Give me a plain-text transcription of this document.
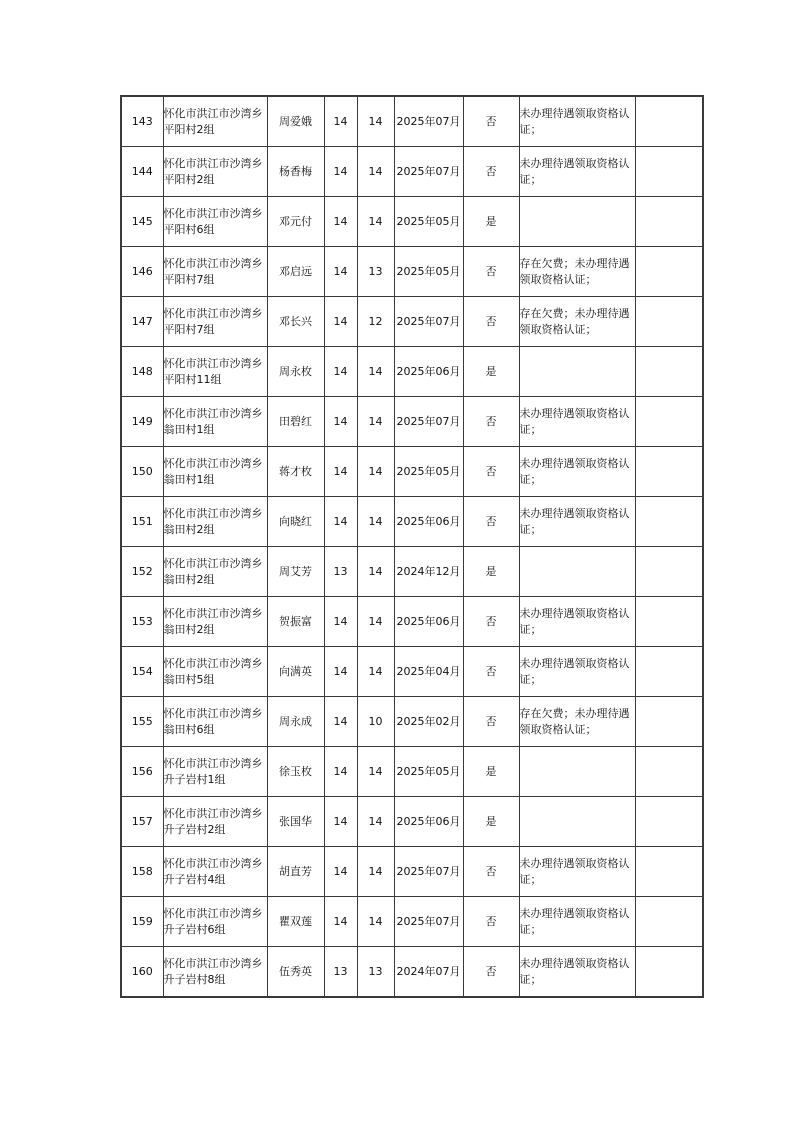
143	怀化市洪江市沙湾乡平阳村2组	周爱娥	14	14	2025年07月	否	未办理待遇领取资格认证；	
144	怀化市洪江市沙湾乡平阳村2组	杨香梅	14	14	2025年07月	否	未办理待遇领取资格认证；	
145	怀化市洪江市沙湾乡平阳村6组	邓元付	14	14	2025年05月	是		
146	怀化市洪江市沙湾乡平阳村7组	邓启远	14	13	2025年05月	否	存在欠费；未办理待遇领取资格认证；	
147	怀化市洪江市沙湾乡平阳村7组	邓长兴	14	12	2025年07月	否	存在欠费；未办理待遇领取资格认证；	
148	怀化市洪江市沙湾乡平阳村11组	周永枚	14	14	2025年06月	是		
149	怀化市洪江市沙湾乡翁田村1组	田碧红	14	14	2025年07月	否	未办理待遇领取资格认证；	
150	怀化市洪江市沙湾乡翁田村1组	蒋才枚	14	14	2025年05月	否	未办理待遇领取资格认证；	
151	怀化市洪江市沙湾乡翁田村2组	向晓红	14	14	2025年06月	否	未办理待遇领取资格认证；	
152	怀化市洪江市沙湾乡翁田村2组	周艾芳	13	14	2024年12月	是		
153	怀化市洪江市沙湾乡翁田村2组	贺振富	14	14	2025年06月	否	未办理待遇领取资格认证；	
154	怀化市洪江市沙湾乡翁田村5组	向满英	14	14	2025年04月	否	未办理待遇领取资格认证；	
155	怀化市洪江市沙湾乡翁田村6组	周永成	14	10	2025年02月	否	存在欠费；未办理待遇领取资格认证；	
156	怀化市洪江市沙湾乡升子岩村1组	徐玉枚	14	14	2025年05月	是		
157	怀化市洪江市沙湾乡升子岩村2组	张国华	14	14	2025年06月	是		
158	怀化市洪江市沙湾乡升子岩村4组	胡直芳	14	14	2025年07月	否	未办理待遇领取资格认证；	
159	怀化市洪江市沙湾乡升子岩村6组	瞿双莲	14	14	2025年07月	否	未办理待遇领取资格认证；	
160	怀化市洪江市沙湾乡升子岩村8组	伍秀英	13	13	2024年07月	否	未办理待遇领取资格认证；	
